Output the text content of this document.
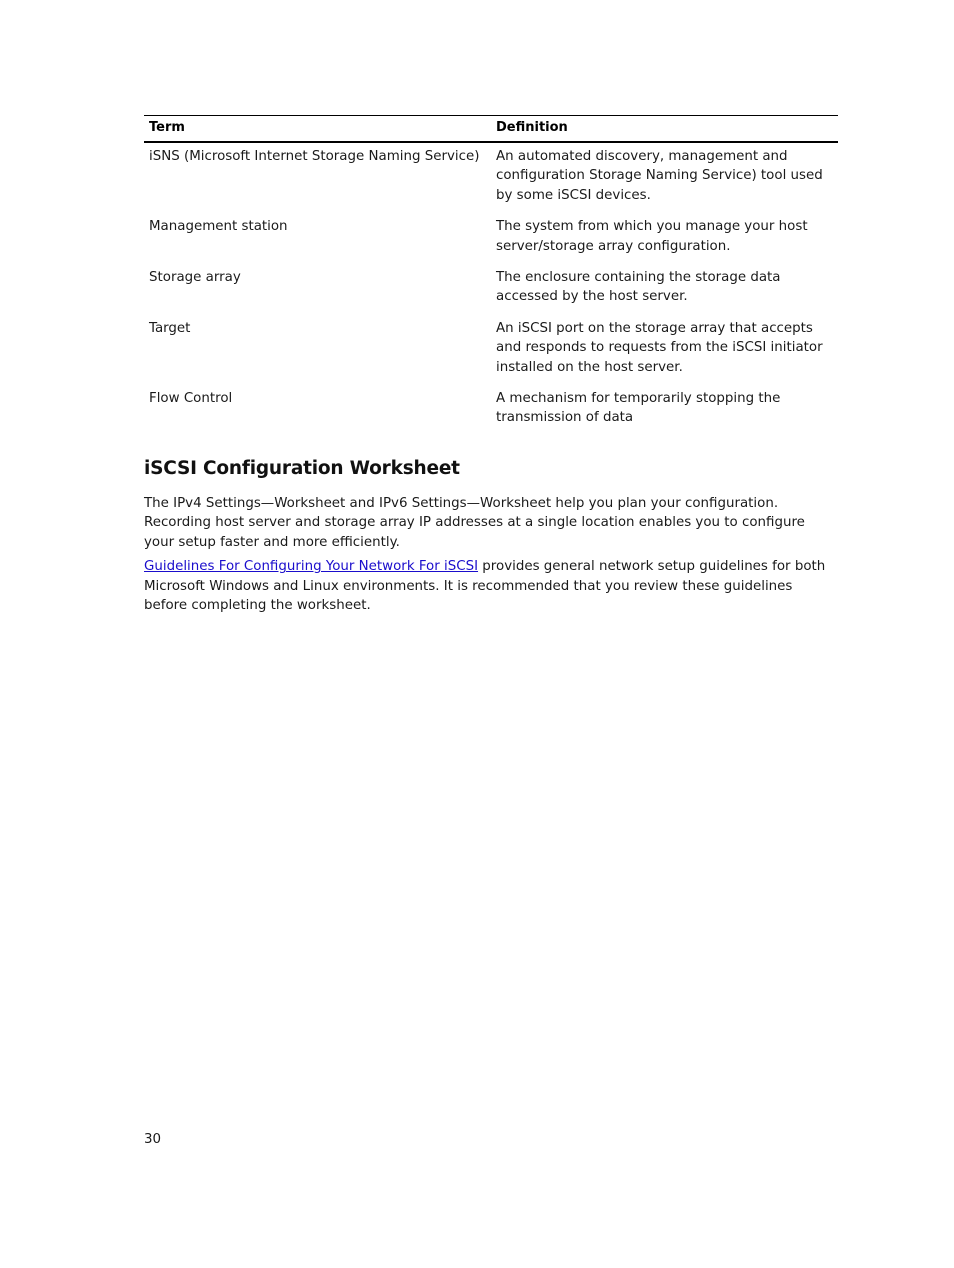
Term	Definition
iSNS (Microsoft Internet Storage Naming Service)	An automated discovery, management and configuration Storage Naming Service) tool used by some iSCSI devices.
Management station	The system from which you manage your host server/storage array configuration.
Storage array	The enclosure containing the storage data accessed by the host server.
Target	An iSCSI port on the storage array that accepts and responds to requests from the iSCSI initiator installed on the host server.
Flow Control	A mechanism for temporarily stopping the transmission of data
iSCSI Configuration Worksheet

The IPv4 Settings—Worksheet and IPv6 Settings—Worksheet help you plan your configuration. Recording host server and storage array IP addresses at a single location enables you to configure your setup faster and more efficiently.

Guidelines For Configuring Your Network For iSCSI provides general network setup guidelines for both Microsoft Windows and Linux environments. It is recommended that you review these guidelines before completing the worksheet.

30
